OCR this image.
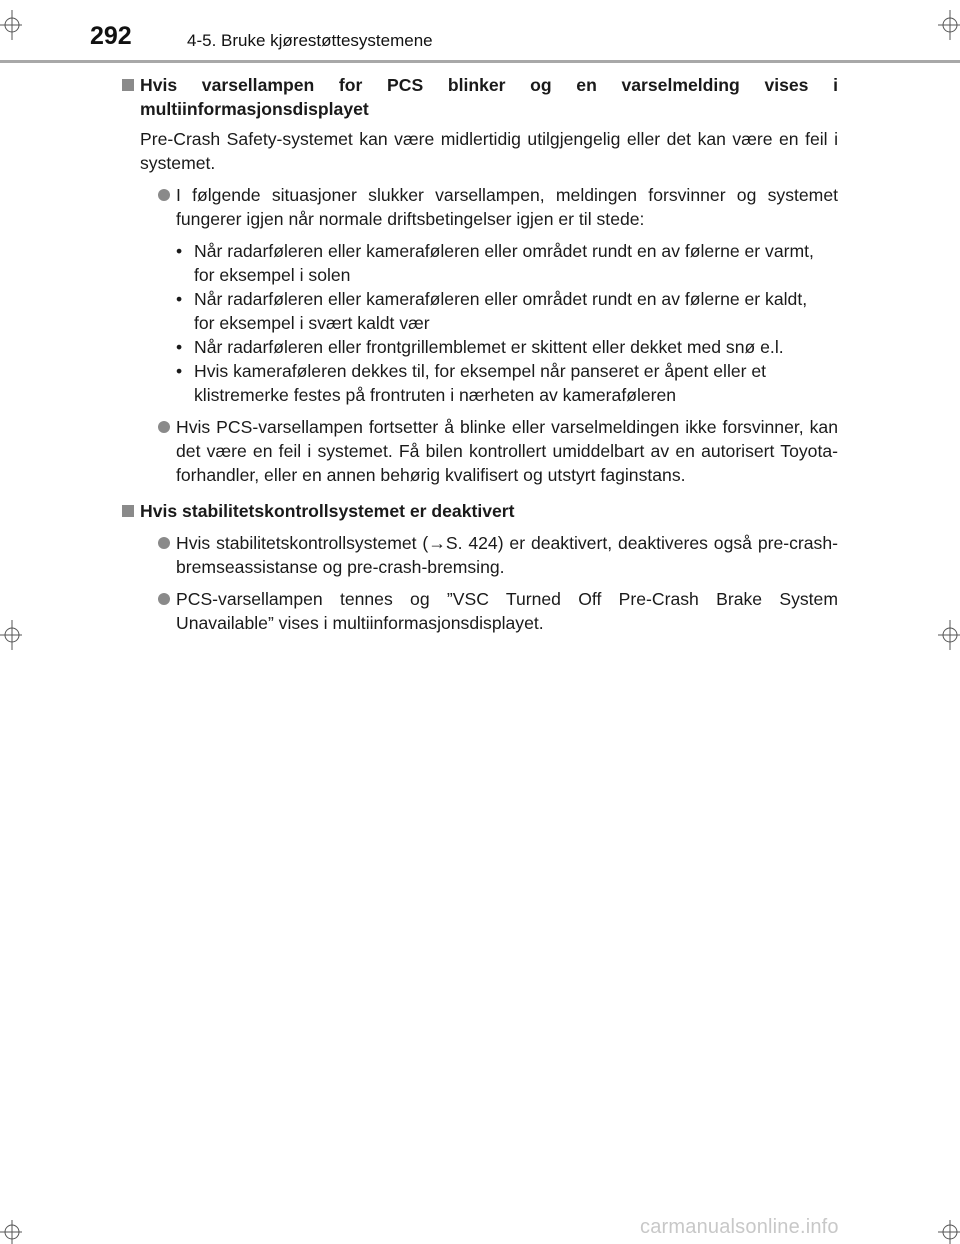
292	4-5. Bruke kjørestøttesystemene
Hvis varsellampen for PCS blinker og en varselmelding vises i multiinformasjonsdisplayet
Pre-Crash Safety-systemet kan være midlertidig utilgjengelig eller det kan være en feil i systemet.
I følgende situasjoner slukker varsellampen, meldingen forsvinner og systemet fungerer igjen når normale driftsbetingelser igjen er til stede:
• Når radarføleren eller kameraføleren eller området rundt en av følerne er varmt, for eksempel i solen
• Når radarføleren eller kameraføleren eller området rundt en av følerne er kaldt, for eksempel i svært kaldt vær
• Når radarføleren eller frontgrillemblemet er skittent eller dekket med snø e.l.
• Hvis kameraføleren dekkes til, for eksempel når panseret er åpent eller et klistremerke festes på frontruten i nærheten av kameraføleren
Hvis PCS-varsellampen fortsetter å blinke eller varselmeldingen ikke forsvinner, kan det være en feil i systemet. Få bilen kontrollert umiddelbart av en autorisert Toyota-forhandler, eller en annen behørig kvalifisert og utstyrt faginstans.
Hvis stabilitetskontrollsystemet er deaktivert
Hvis stabilitetskontrollsystemet (→S. 424) er deaktivert, deaktiveres også pre-crash-bremseassistanse og pre-crash-bremsing.
PCS-varsellampen tennes og ”VSC Turned Off Pre-Crash Brake System Unavailable” vises i multiinformasjonsdisplayet.
carmanualsonline.info
